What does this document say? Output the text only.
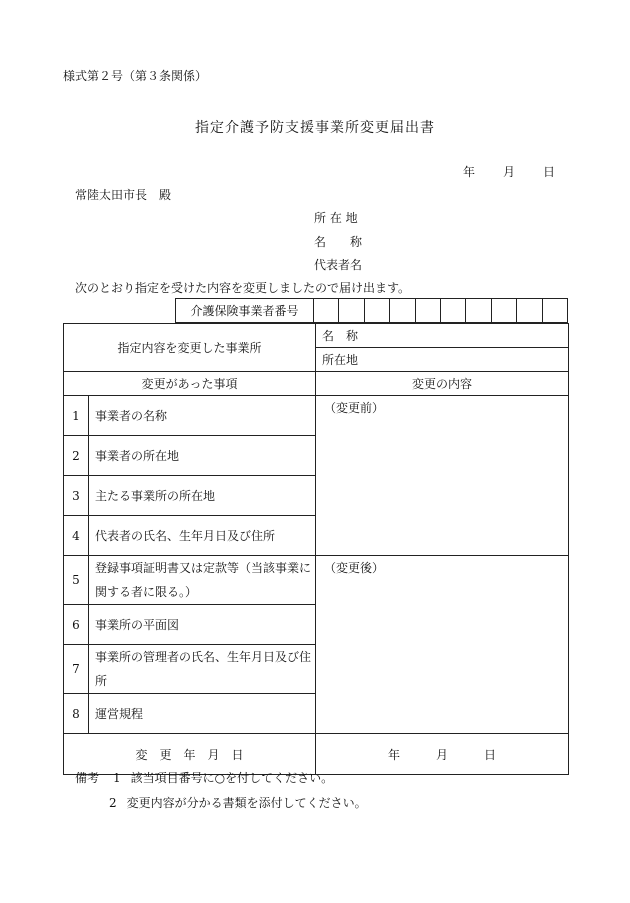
様式第２号（第３条関係）
指定介護予防支援事業所変更届出書
年 月 日
常陸太田市長　殿
所 在 地
名　　称
代表者名
次のとおり指定を受けた内容を変更しましたので届け出ます。
介護保険事業者番号										
指定内容を変更した事業所		名　称
		所在地
変更があった事項		変更の内容
1	事業者の名称	（変更前）
2	事業者の所在地	
3	主たる事業所の所在地	
4	代表者の氏名、生年月日及び住所	
5	登録事項証明書又は定款等（当該事業に関する者に限る。）	（変更後）
6	事業所の平面図	
7	事業所の管理者の氏名、生年月日及び住所	
8	運営規程	
変　更　年　月　日		年　　　月　　　日
備考 1 該当項目番号に○を付してください。
2 変更内容が分かる書類を添付してください。
